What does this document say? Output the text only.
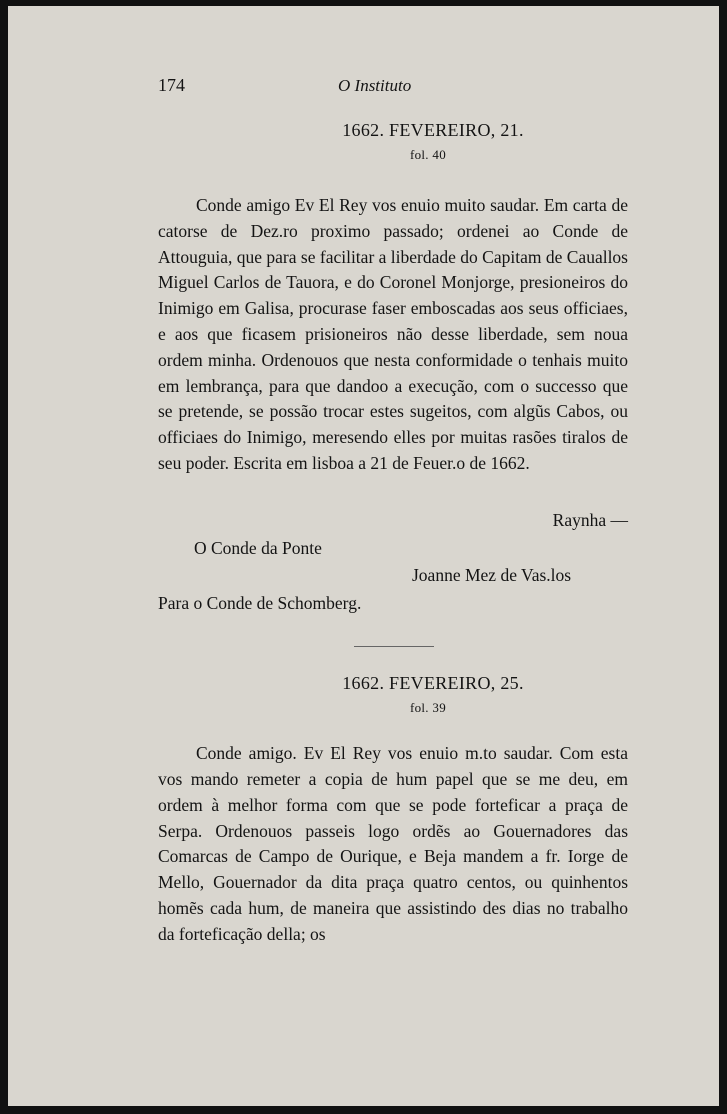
174	O Instituto
1662. FEVEREIRO, 21.
fol. 40

Conde amigo Ev El Rey vos enuio muito saudar. Em carta de catorse de Dez.ro proximo passado; ordenei ao Conde de Attouguia, que para se facilitar a liberdade do Capitam de Cauallos Miguel Carlos de Tauora, e do Coronel Monjorge, presioneiros do Inimigo em Galisa, procurase faser emboscadas aos seus officiaes, e aos que ficasem prisioneiros não desse liberdade, sem noua ordem minha. Ordenouos que nesta conformidade o tenhais muito em lembrança, para que dandoo a execução, com o successo que se pretende, se possão trocar estes sugeitos, com algũs Cabos, ou officiaes do Inimigo, meresendo elles por muitas rasões tiralos de seu poder. Escrita em lisboa a 21 de Feuer.o de 1662.

Raynha —
O Conde da Ponte
Joanne Mez de Vas.los
Para o Conde de Schomberg.
1662. FEVEREIRO, 25.
fol. 39

Conde amigo. Ev El Rey vos enuio m.to saudar. Com esta vos mando remeter a copia de hum papel que se me deu, em ordem à melhor forma com que se pode forteficar a praça de Serpa. Ordenouos passeis logo ordẽs ao Gouernadores das Comarcas de Campo de Ourique, e Beja mandem a fr. Iorge de Mello, Gouernador da dita praça quatro centos, ou quinhentos homẽs cada hum, de maneira que assistindo des dias no trabalho da forteficação della; os
